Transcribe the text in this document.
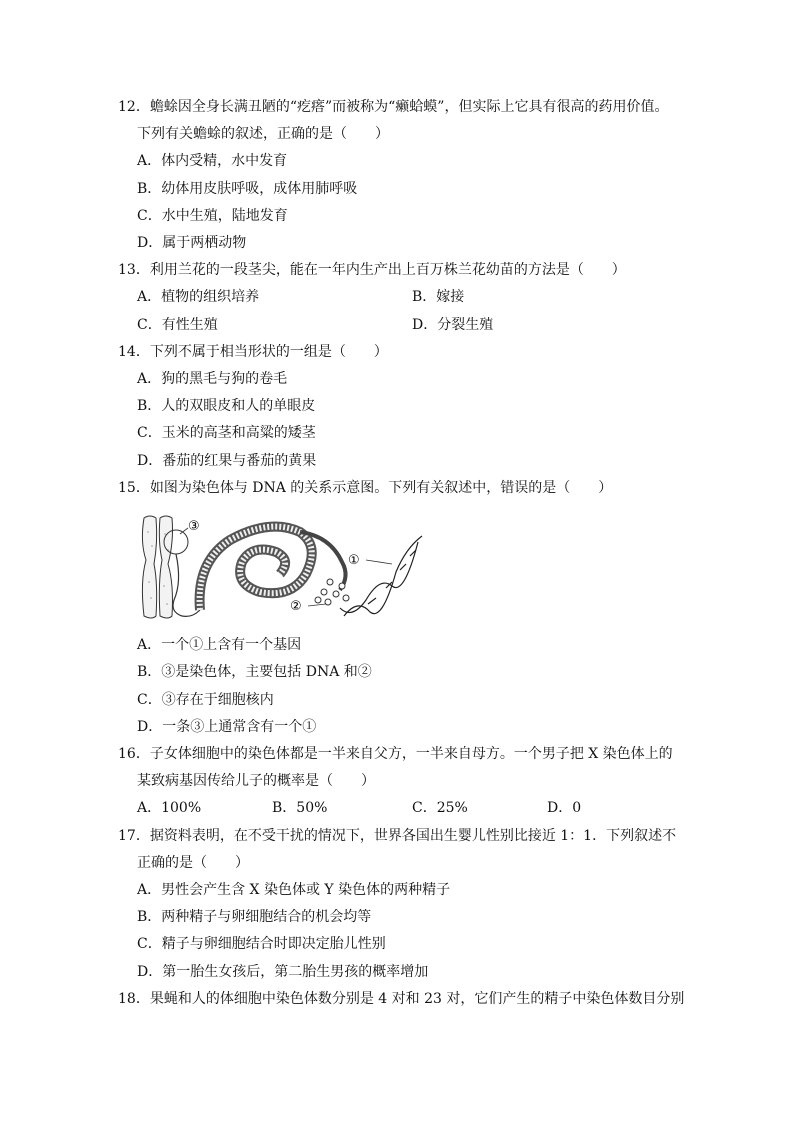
12．蟾蜍因全身长满丑陋的“疙瘩”而被称为“癞蛤蟆”，但实际上它具有很高的药用价值。
下列有关蟾蜍的叙述，正确的是（　　）
A．体内受精，水中发育
B．幼体用皮肤呼吸，成体用肺呼吸
C．水中生殖，陆地发育
D．属于两栖动物
13．利用兰花的一段茎尖，能在一年内生产出上百万株兰花幼苗的方法是（　　）
A．植物的组织培养	B．嫁接
C．有性生殖	D．分裂生殖
14．下列不属于相当形状的一组是（　　）
A．狗的黑毛与狗的卷毛
B．人的双眼皮和人的单眼皮
C．玉米的高茎和高粱的矮茎
D．番茄的红果与番茄的黄果
15．如图为染色体与 DNA 的关系示意图。下列有关叙述中，错误的是（　　）
①
②
③
A．一个①上含有一个基因
B．③是染色体，主要包括 DNA 和②
C．③存在于细胞核内
D．一条③上通常含有一个①
16．子女体细胞中的染色体都是一半来自父方，一半来自母方。一个男子把 X 染色体上的
某致病基因传给儿子的概率是（　　）
A．100%	B．50%	C．25%	D．0
17．据资料表明，在不受干扰的情况下，世界各国出生婴儿性别比接近 1：1．下列叙述不
正确的是（　　）
A．男性会产生含 X 染色体或 Y 染色体的两种精子
B．两种精子与卵细胞结合的机会均等
C．精子与卵细胞结合时即决定胎儿性别
D．第一胎生女孩后，第二胎生男孩的概率增加
18．果蝇和人的体细胞中染色体数分别是 4 对和 23 对，它们产生的精子中染色体数目分别
